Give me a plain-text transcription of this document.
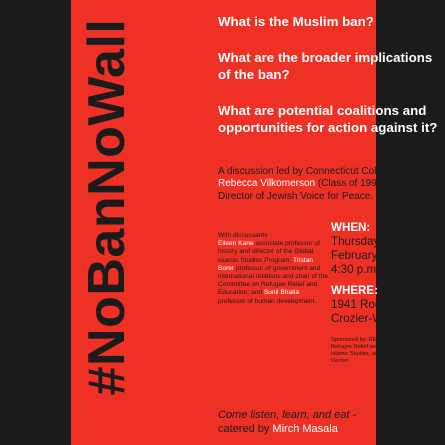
#NoBanNoWall	What is the Muslim ban?
What are the broader implications of the ban?
What are potential coalitions and opportunities for action against it?
A discussion led by Connecticut College alumna Rebecca Vilkomerson (Class of 1993), Executive Director of Jewish Voice for Peace.
With discussants
Eileen Kane associate professor of history and director of the Global Islamic Studies Program; Tristan Borer professor of government and international relations and chair of the Committee on Refugee Relief and Education; and Sunil Bhatia professor of human development.
WHEN:
Thursday,
February 2
4:30 p.m.
WHERE:
1941 Room
Crozier-Williams
Sponsored by: REP, the Committee on Refugee Relief and Education, Global Islamic Studies, and the Academic Resource Center.
Come listen, learn, and eat -
catered by Mirch Masala
